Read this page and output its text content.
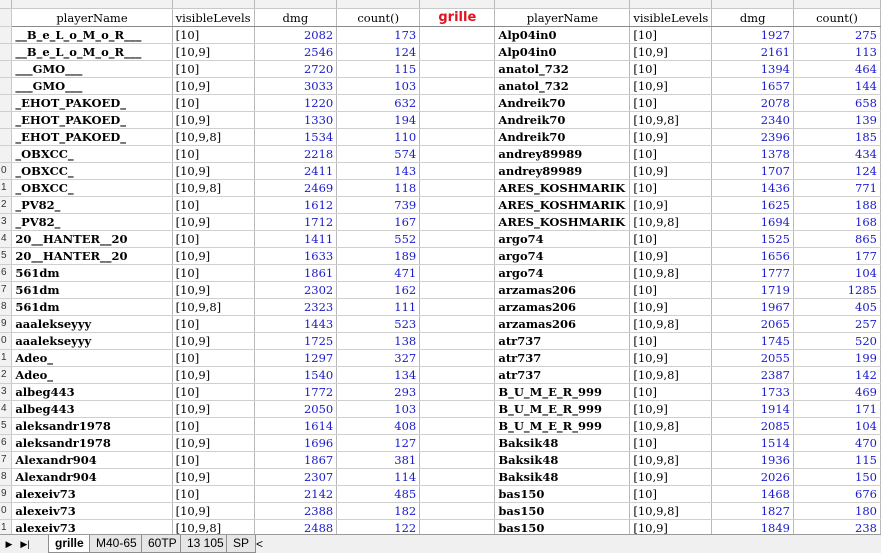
	playerName	visibleLevels	dmg	count()	grille	playerName	visibleLevels	dmg	count()
	__B_e_L_o_M_o_R___	[10]	2082	173		Alp04in0	[10]	1927	275
	__B_e_L_o_M_o_R___	[10,9]	2546	124		Alp04in0	[10,9]	2161	113
	___GMO___	[10]	2720	115		anatol_732	[10]	1394	464
	___GMO___	[10,9]	3033	103		anatol_732	[10,9]	1657	144
	_EHOT_PAKOED_	[10]	1220	632		Andreik70	[10]	2078	658
	_EHOT_PAKOED_	[10,9]	1330	194		Andreik70	[10,9,8]	2340	139
	_EHOT_PAKOED_	[10,9,8]	1534	110		Andreik70	[10,9]	2396	185
	_OBXCC_	[10]	2218	574		andrey89989	[10]	1378	434
0	_OBXCC_	[10,9]	2411	143		andrey89989	[10,9]	1707	124
1	_OBXCC_	[10,9,8]	2469	118		ARES_KOSHMARIK	[10]	1436	771
2	_PV82_	[10]	1612	739		ARES_KOSHMARIK	[10,9]	1625	188
3	_PV82_	[10,9]	1712	167		ARES_KOSHMARIK	[10,9,8]	1694	168
4	20__HANTER__20	[10]	1411	552		argo74	[10]	1525	865
5	20__HANTER__20	[10,9]	1633	189		argo74	[10,9]	1656	177
6	561dm	[10]	1861	471		argo74	[10,9,8]	1777	104
7	561dm	[10,9]	2302	162		arzamas206	[10]	1719	1285
8	561dm	[10,9,8]	2323	111		arzamas206	[10,9]	1967	405
9	aaalekseyyy	[10]	1443	523		arzamas206	[10,9,8]	2065	257
0	aaalekseyyy	[10,9]	1725	138		atr737	[10]	1745	520
1	Adeo_	[10]	1297	327		atr737	[10,9]	2055	199
2	Adeo_	[10,9]	1540	134		atr737	[10,9,8]	2387	142
3	albeg443	[10]	1772	293		B_U_M_E_R_999	[10]	1733	469
4	albeg443	[10,9]	2050	103		B_U_M_E_R_999	[10,9]	1914	171
5	aleksandr1978	[10]	1614	408		B_U_M_E_R_999	[10,9,8]	2085	104
6	aleksandr1978	[10,9]	1696	127		Baksik48	[10]	1514	470
7	Alexandr904	[10]	1867	381		Baksik48	[10,9,8]	1936	115
8	Alexandr904	[10,9]	2307	114		Baksik48	[10,9]	2026	150
9	alexeiv73	[10]	2142	485		bas150	[10]	1468	676
0	alexeiv73	[10,9]	2388	182		bas150	[10,9,8]	1827	180
1	alexeiv73	[10,9,8]	2488	122		bas150	[10,9]	1849	238
▶ ▶|	grille	M40-65 60TP 13 105 SP <
